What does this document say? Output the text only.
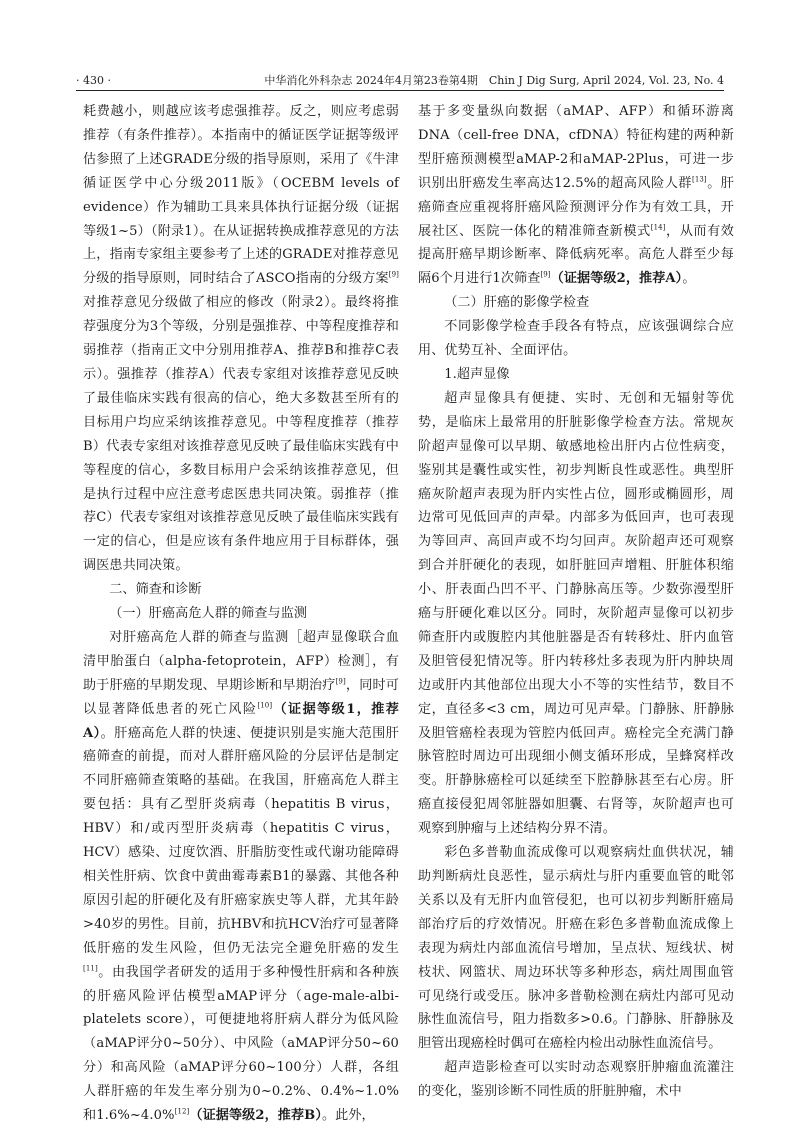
· 430 ·	中华消化外科杂志 2024年4月第23卷第4期　Chin J Dig Surg, April 2024, Vol. 23, No. 4

耗费越小，则越应该考虑强推荐。反之，则应考虑弱推荐（有条件推荐）。本指南中的循证医学证据等级评估参照了上述GRADE分级的指导原则，采用了《牛津循证医学中心分级2011版》（OCEBM levels of evidence）作为辅助工具来具体执行证据分级（证据等级1~5）（附录1）。在从证据转换成推荐意见的方法上，指南专家组主要参考了上述的GRADE对推荐意见分级的指导原则，同时结合了ASCO指南的分级方案[9]对推荐意见分级做了相应的修改（附录2）。最终将推荐强度分为3个等级，分别是强推荐、中等程度推荐和弱推荐（指南正文中分别用推荐A、推荐B和推荐C表示）。强推荐（推荐A）代表专家组对该推荐意见反映了最佳临床实践有很高的信心，绝大多数甚至所有的目标用户均应采纳该推荐意见。中等程度推荐（推荐B）代表专家组对该推荐意见反映了最佳临床实践有中等程度的信心，多数目标用户会采纳该推荐意见，但是执行过程中应注意考虑医患共同决策。弱推荐（推荐C）代表专家组对该推荐意见反映了最佳临床实践有一定的信心，但是应该有条件地应用于目标群体，强调医患共同决策。

二、筛查和诊断

（一）肝癌高危人群的筛查与监测

对肝癌高危人群的筛查与监测［超声显像联合血清甲胎蛋白（alpha-fetoprotein，AFP）检测］，有助于肝癌的早期发现、早期诊断和早期治疗[9]，同时可以显著降低患者的死亡风险[10]（证据等级1，推荐A）。肝癌高危人群的快速、便捷识别是实施大范围肝癌筛查的前提，而对人群肝癌风险的分层评估是制定不同肝癌筛查策略的基础。在我国，肝癌高危人群主要包括：具有乙型肝炎病毒（hepatitis B virus，HBV）和/或丙型肝炎病毒（hepatitis C virus，HCV）感染、过度饮酒、肝脂肪变性或代谢功能障碍相关性肝病、饮食中黄曲霉毒素B1的暴露、其他各种原因引起的肝硬化及有肝癌家族史等人群，尤其年龄>40岁的男性。目前，抗HBV和抗HCV治疗可显著降低肝癌的发生风险，但仍无法完全避免肝癌的发生[11]。由我国学者研发的适用于多种慢性肝病和各种族的肝癌风险评估模型aMAP评分（age-male-albi-platelets score），可便捷地将肝病人群分为低风险（aMAP评分0~50分）、中风险（aMAP评分50~60分）和高风险（aMAP评分60~100分）人群，各组人群肝癌的年发生率分别为0~0.2%、0.4%~1.0%和1.6%~4.0%[12]（证据等级2，推荐B）。此外，

基于多变量纵向数据（aMAP、AFP）和循环游离DNA（cell-free DNA，cfDNA）特征构建的两种新型肝癌预测模型aMAP-2和aMAP-2Plus，可进一步识别出肝癌发生率高达12.5%的超高风险人群[13]。肝癌筛查应重视将肝癌风险预测评分作为有效工具，开展社区、医院一体化的精准筛查新模式[14]，从而有效提高肝癌早期诊断率、降低病死率。高危人群至少每隔6个月进行1次筛查[9]（证据等级2，推荐A）。

（二）肝癌的影像学检查

不同影像学检查手段各有特点，应该强调综合应用、优势互补、全面评估。

1.超声显像

超声显像具有便捷、实时、无创和无辐射等优势，是临床上最常用的肝脏影像学检查方法。常规灰阶超声显像可以早期、敏感地检出肝内占位性病变，鉴别其是囊性或实性，初步判断良性或恶性。典型肝癌灰阶超声表现为肝内实性占位，圆形或椭圆形，周边常可见低回声的声晕。内部多为低回声，也可表现为等回声、高回声或不均匀回声。灰阶超声还可观察到合并肝硬化的表现，如肝脏回声增粗、肝脏体积缩小、肝表面凸凹不平、门静脉高压等。少数弥漫型肝癌与肝硬化难以区分。同时，灰阶超声显像可以初步筛查肝内或腹腔内其他脏器是否有转移灶、肝内血管及胆管侵犯情况等。肝内转移灶多表现为肝内肿块周边或肝内其他部位出现大小不等的实性结节，数目不定，直径多<3 cm，周边可见声晕。门静脉、肝静脉及胆管癌栓表现为管腔内低回声。癌栓完全充满门静脉管腔时周边可出现细小侧支循环形成，呈蜂窝样改变。肝静脉癌栓可以延续至下腔静脉甚至右心房。肝癌直接侵犯周邻脏器如胆囊、右肾等，灰阶超声也可观察到肿瘤与上述结构分界不清。

彩色多普勒血流成像可以观察病灶血供状况，辅助判断病灶良恶性，显示病灶与肝内重要血管的毗邻关系以及有无肝内血管侵犯，也可以初步判断肝癌局部治疗后的疗效情况。肝癌在彩色多普勒血流成像上表现为病灶内部血流信号增加，呈点状、短线状、树枝状、网篮状、周边环状等多种形态，病灶周围血管可见绕行或受压。脉冲多普勒检测在病灶内部可见动脉性血流信号，阻力指数多>0.6。门静脉、肝静脉及胆管出现癌栓时偶可在癌栓内检出动脉性血流信号。

超声造影检查可以实时动态观察肝肿瘤血流灌注的变化，鉴别诊断不同性质的肝脏肿瘤，术中
